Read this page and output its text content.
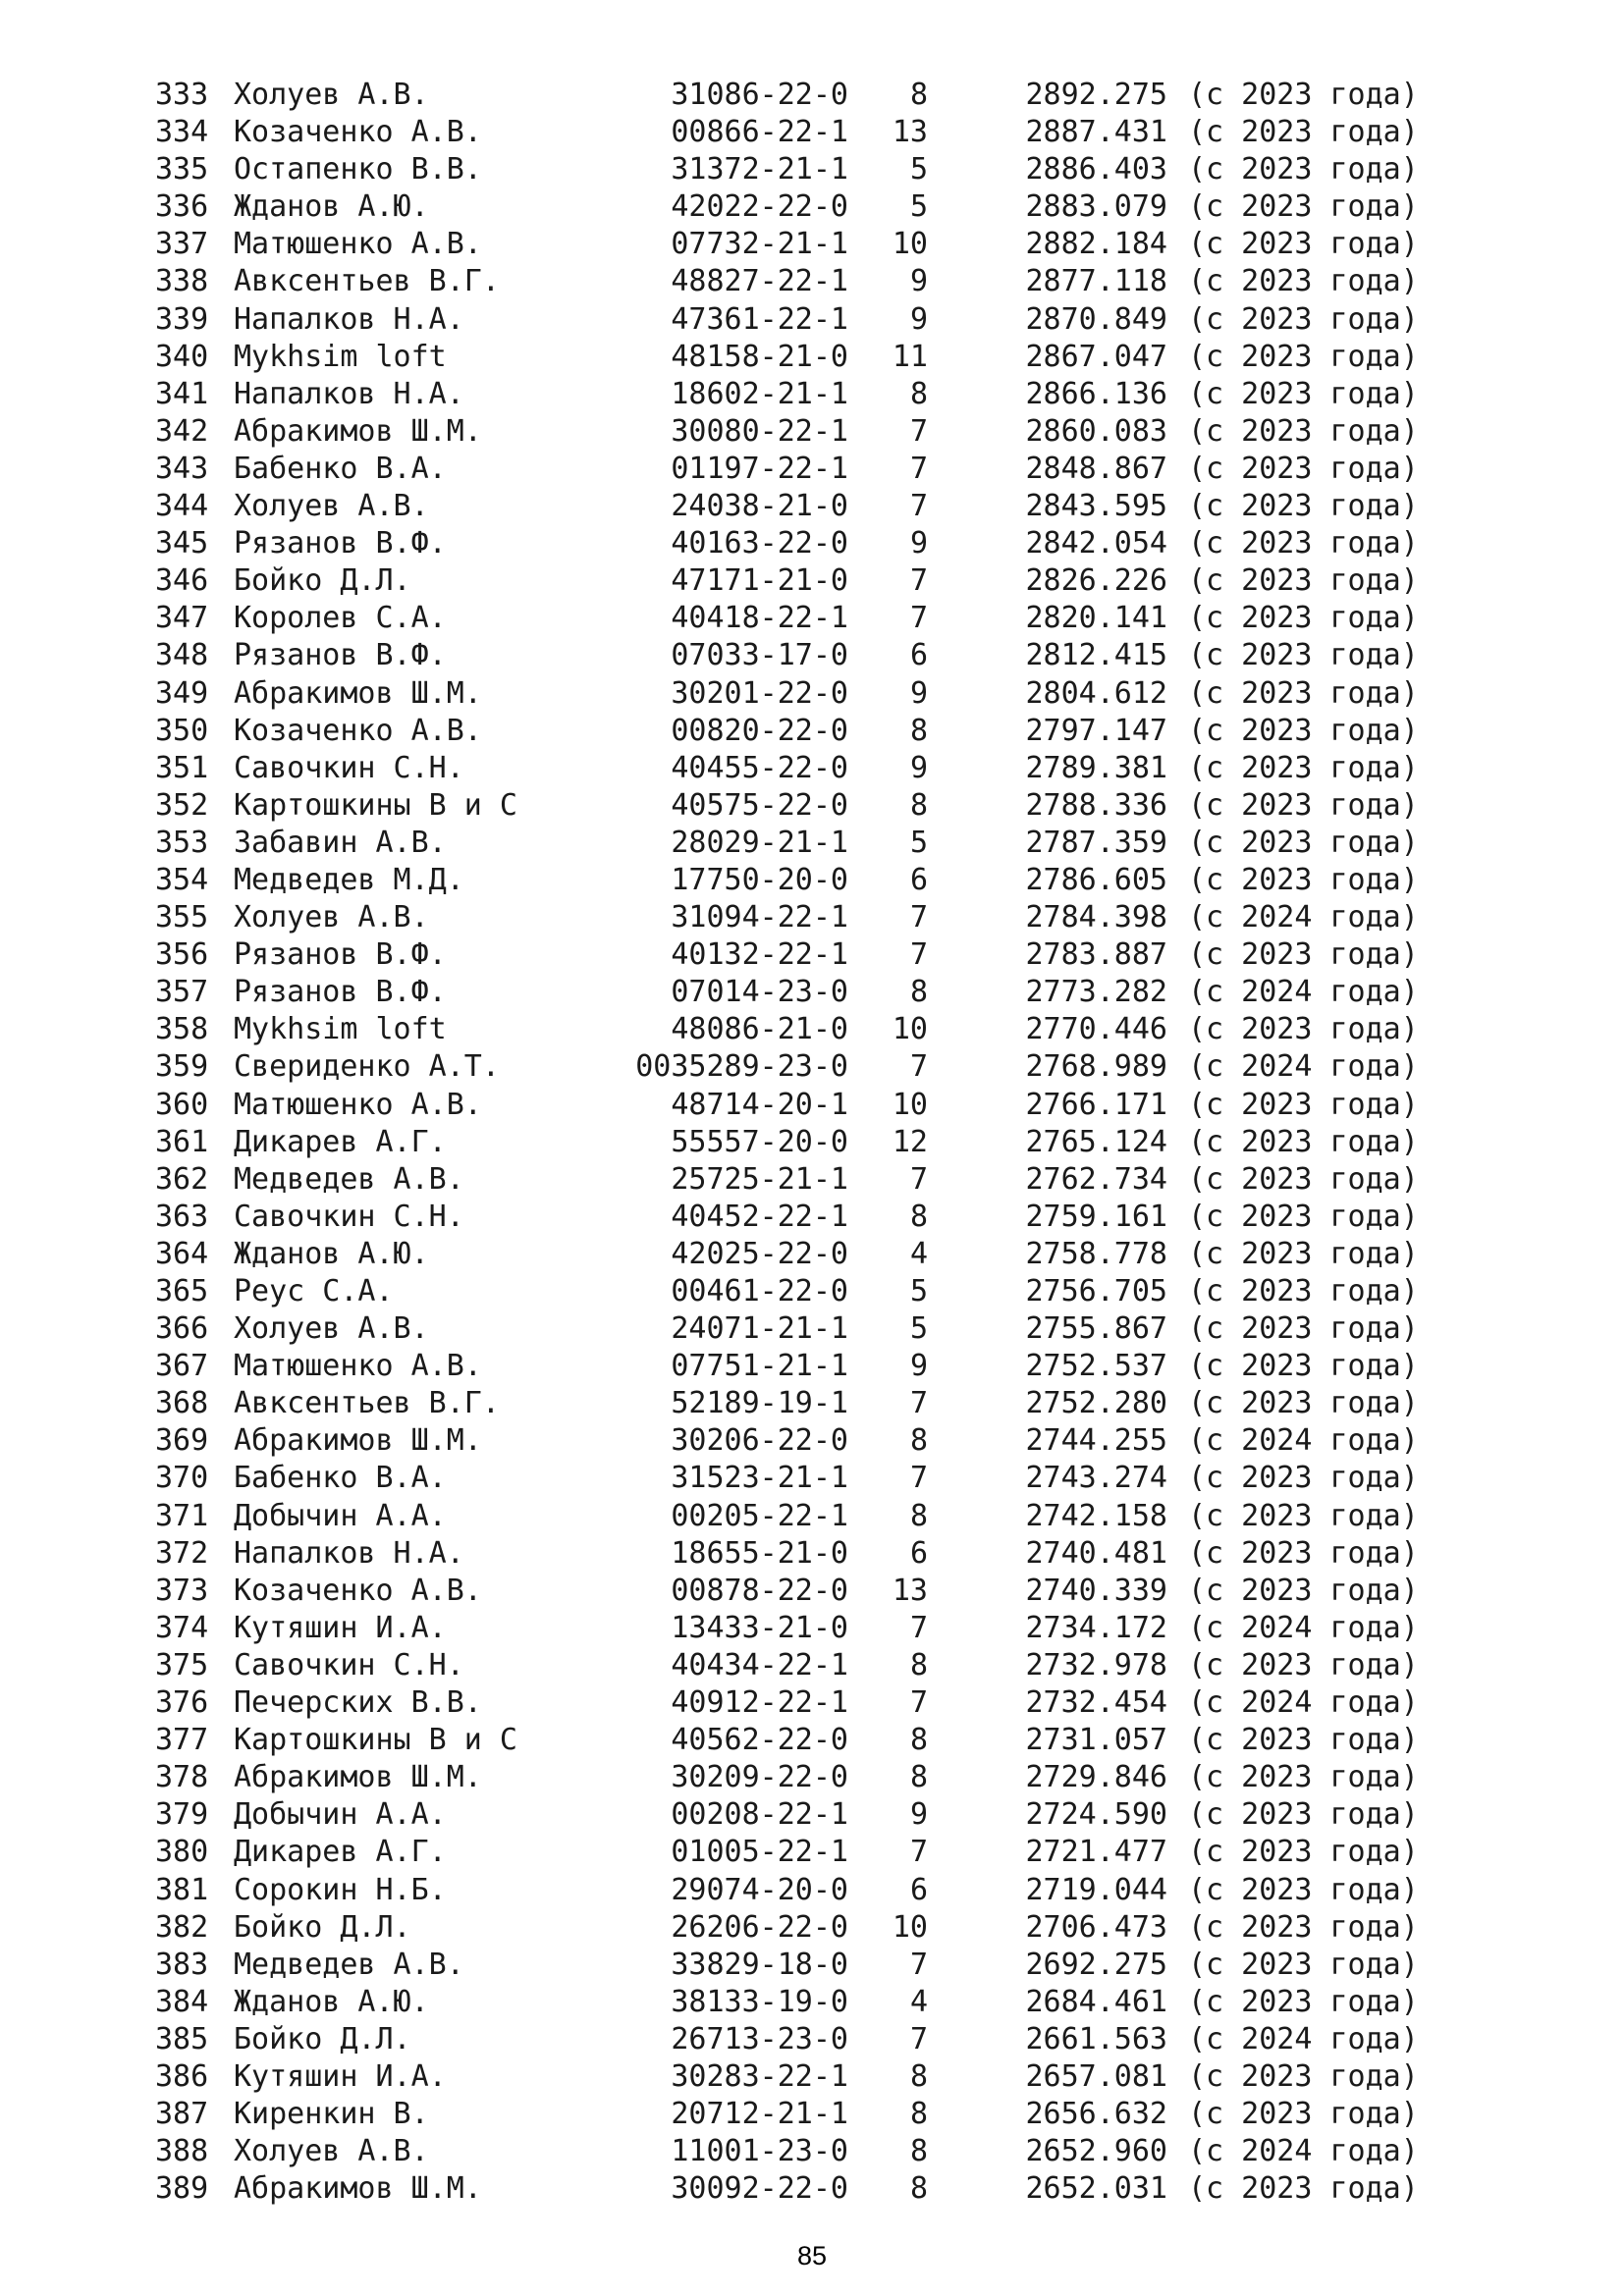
333 Холуев А.В.	31086-22-0 8	2892.275 (с 2023 года)
334 Козаченко А.В.	00866-22-1 13	2887.431 (с 2023 года)
335 Остапенко В.В.	31372-21-1 5	2886.403 (с 2023 года)
336 Жданов А.Ю.	42022-22-0 5	2883.079 (с 2023 года)
337 Матюшенко А.В.	07732-21-1 10	2882.184 (с 2023 года)
338 Авксентьев В.Г.	48827-22-1 9	2877.118 (с 2023 года)
339 Напалков Н.А.	47361-22-1 9	2870.849 (с 2023 года)
340 Mykhsim loft	48158-21-0 11	2867.047 (с 2023 года)
341 Напалков Н.А.	18602-21-1 8	2866.136 (с 2023 года)
342 Абракимов Ш.М.	30080-22-1 7	2860.083 (с 2023 года)
343 Бабенко В.А.	01197-22-1 7	2848.867 (с 2023 года)
344 Холуев А.В.	24038-21-0 7	2843.595 (с 2023 года)
345 Рязанов В.Ф.	40163-22-0 9	2842.054 (с 2023 года)
346 Бойко Д.Л.	47171-21-0 7	2826.226 (с 2023 года)
347 Королев С.А.	40418-22-1 7	2820.141 (с 2023 года)
348 Рязанов В.Ф.	07033-17-0 6	2812.415 (с 2023 года)
349 Абракимов Ш.М.	30201-22-0 9	2804.612 (с 2023 года)
350 Козаченко А.В.	00820-22-0 8	2797.147 (с 2023 года)
351 Савочкин С.Н.	40455-22-0 9	2789.381 (с 2023 года)
352 Картошкины В и С	40575-22-0 8	2788.336 (с 2023 года)
353 Забавин А.В.	28029-21-1 5	2787.359 (с 2023 года)
354 Медведев М.Д.	17750-20-0 6	2786.605 (с 2023 года)
355 Холуев А.В.	31094-22-1 7	2784.398 (с 2024 года)
356 Рязанов В.Ф.	40132-22-1 7	2783.887 (с 2023 года)
357 Рязанов В.Ф.	07014-23-0 8	2773.282 (с 2024 года)
358 Mykhsim loft	48086-21-0 10	2770.446 (с 2023 года)
359 Свериденко А.Т.	0035289-23-0 7	2768.989 (с 2024 года)
360 Матюшенко А.В.	48714-20-1 10	2766.171 (с 2023 года)
361 Дикарев А.Г.	55557-20-0 12	2765.124 (с 2023 года)
362 Медведев А.В.	25725-21-1 7	2762.734 (с 2023 года)
363 Савочкин С.Н.	40452-22-1 8	2759.161 (с 2023 года)
364 Жданов А.Ю.	42025-22-0 4	2758.778 (с 2023 года)
365 Реус С.А.	00461-22-0 5	2756.705 (с 2023 года)
366 Холуев А.В.	24071-21-1 5	2755.867 (с 2023 года)
367 Матюшенко А.В.	07751-21-1 9	2752.537 (с 2023 года)
368 Авксентьев В.Г.	52189-19-1 7	2752.280 (с 2023 года)
369 Абракимов Ш.М.	30206-22-0 8	2744.255 (с 2024 года)
370 Бабенко В.А.	31523-21-1 7	2743.274 (с 2023 года)
371 Добычин А.А.	00205-22-1 8	2742.158 (с 2023 года)
372 Напалков Н.А.	18655-21-0 6	2740.481 (с 2023 года)
373 Козаченко А.В.	00878-22-0 13	2740.339 (с 2023 года)
374 Кутяшин И.А.	13433-21-0 7	2734.172 (с 2024 года)
375 Савочкин С.Н.	40434-22-1 8	2732.978 (с 2023 года)
376 Печерских В.В.	40912-22-1 7	2732.454 (с 2024 года)
377 Картошкины В и С	40562-22-0 8	2731.057 (с 2023 года)
378 Абракимов Ш.М.	30209-22-0 8	2729.846 (с 2023 года)
379 Добычин А.А.	00208-22-1 9	2724.590 (с 2023 года)
380 Дикарев А.Г.	01005-22-1 7	2721.477 (с 2023 года)
381 Сорокин Н.Б.	29074-20-0 6	2719.044 (с 2023 года)
382 Бойко Д.Л.	26206-22-0 10	2706.473 (с 2023 года)
383 Медведев А.В.	33829-18-0 7	2692.275 (с 2023 года)
384 Жданов А.Ю.	38133-19-0 4	2684.461 (с 2023 года)
385 Бойко Д.Л.	26713-23-0 7	2661.563 (с 2024 года)
386 Кутяшин И.А.	30283-22-1 8	2657.081 (с 2023 года)
387 Киренкин В.	20712-21-1 8	2656.632 (с 2023 года)
388 Холуев А.В.	11001-23-0 8	2652.960 (с 2024 года)
389 Абракимов Ш.М.	30092-22-0 8	2652.031 (с 2023 года)
85
